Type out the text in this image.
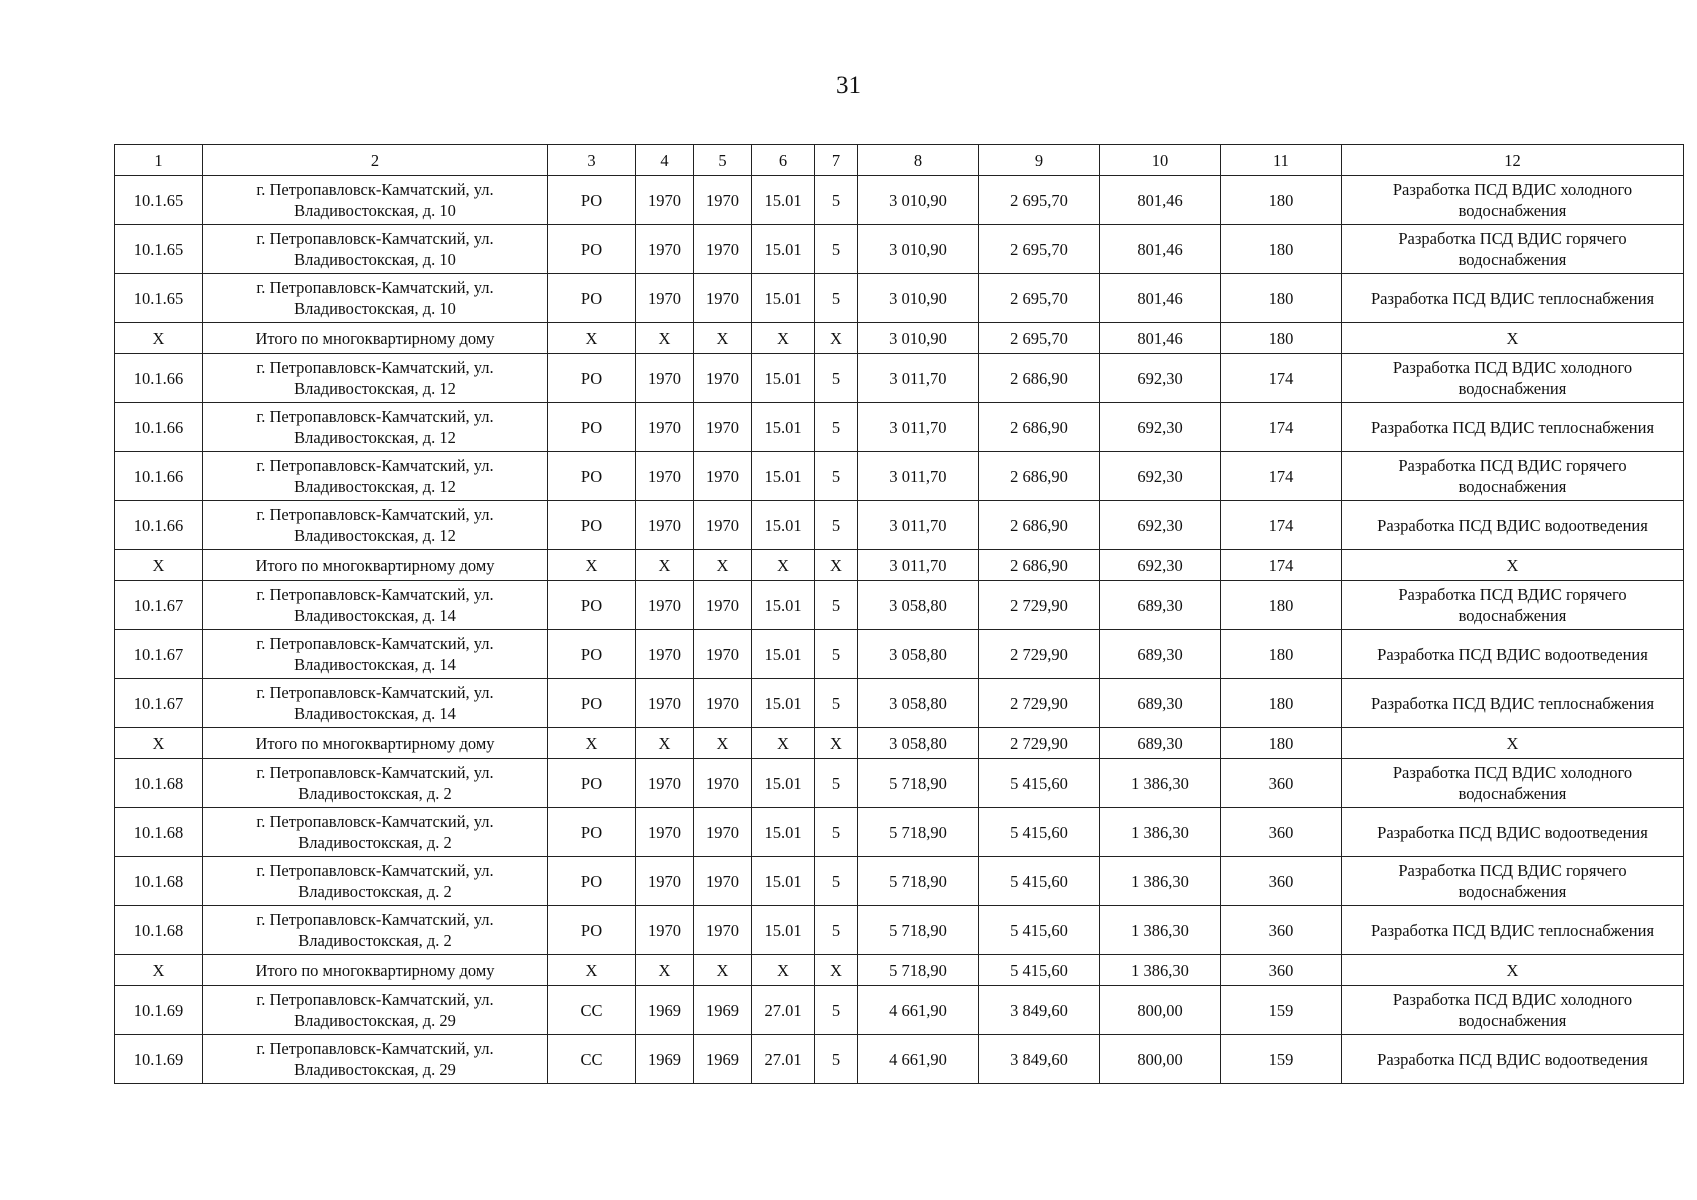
31
1	2	3	4	5	6	7	8	9	10	11	12
10.1.65	г. Петропавловск-Камчатский, ул. Владивостокская, д. 10	РО	1970	1970	15.01	5	3 010,90	2 695,70	801,46	180	Разработка ПСД ВДИС холодного водоснабжения
10.1.65	г. Петропавловск-Камчатский, ул. Владивостокская, д. 10	РО	1970	1970	15.01	5	3 010,90	2 695,70	801,46	180	Разработка ПСД ВДИС горячего водоснабжения
10.1.65	г. Петропавловск-Камчатский, ул. Владивостокская, д. 10	РО	1970	1970	15.01	5	3 010,90	2 695,70	801,46	180	Разработка ПСД ВДИС теплоснабжения
Х	Итого по многоквартирному дому	Х	Х	Х	Х	Х	3 010,90	2 695,70	801,46	180	Х
10.1.66	г. Петропавловск-Камчатский, ул. Владивостокская, д. 12	РО	1970	1970	15.01	5	3 011,70	2 686,90	692,30	174	Разработка ПСД ВДИС холодного водоснабжения
10.1.66	г. Петропавловск-Камчатский, ул. Владивостокская, д. 12	РО	1970	1970	15.01	5	3 011,70	2 686,90	692,30	174	Разработка ПСД ВДИС теплоснабжения
10.1.66	г. Петропавловск-Камчатский, ул. Владивостокская, д. 12	РО	1970	1970	15.01	5	3 011,70	2 686,90	692,30	174	Разработка ПСД ВДИС горячего водоснабжения
10.1.66	г. Петропавловск-Камчатский, ул. Владивостокская, д. 12	РО	1970	1970	15.01	5	3 011,70	2 686,90	692,30	174	Разработка ПСД ВДИС водоотведения
Х	Итого по многоквартирному дому	Х	Х	Х	Х	Х	3 011,70	2 686,90	692,30	174	Х
10.1.67	г. Петропавловск-Камчатский, ул. Владивостокская, д. 14	РО	1970	1970	15.01	5	3 058,80	2 729,90	689,30	180	Разработка ПСД ВДИС горячего водоснабжения
10.1.67	г. Петропавловск-Камчатский, ул. Владивостокская, д. 14	РО	1970	1970	15.01	5	3 058,80	2 729,90	689,30	180	Разработка ПСД ВДИС водоотведения
10.1.67	г. Петропавловск-Камчатский, ул. Владивостокская, д. 14	РО	1970	1970	15.01	5	3 058,80	2 729,90	689,30	180	Разработка ПСД ВДИС теплоснабжения
Х	Итого по многоквартирному дому	Х	Х	Х	Х	Х	3 058,80	2 729,90	689,30	180	Х
10.1.68	г. Петропавловск-Камчатский, ул. Владивостокская, д. 2	РО	1970	1970	15.01	5	5 718,90	5 415,60	1 386,30	360	Разработка ПСД ВДИС холодного водоснабжения
10.1.68	г. Петропавловск-Камчатский, ул. Владивостокская, д. 2	РО	1970	1970	15.01	5	5 718,90	5 415,60	1 386,30	360	Разработка ПСД ВДИС водоотведения
10.1.68	г. Петропавловск-Камчатский, ул. Владивостокская, д. 2	РО	1970	1970	15.01	5	5 718,90	5 415,60	1 386,30	360	Разработка ПСД ВДИС горячего водоснабжения
10.1.68	г. Петропавловск-Камчатский, ул. Владивостокская, д. 2	РО	1970	1970	15.01	5	5 718,90	5 415,60	1 386,30	360	Разработка ПСД ВДИС теплоснабжения
Х	Итого по многоквартирному дому	Х	Х	Х	Х	Х	5 718,90	5 415,60	1 386,30	360	Х
10.1.69	г. Петропавловск-Камчатский, ул. Владивостокская, д. 29	СС	1969	1969	27.01	5	4 661,90	3 849,60	800,00	159	Разработка ПСД ВДИС холодного водоснабжения
10.1.69	г. Петропавловск-Камчатский, ул. Владивостокская, д. 29	СС	1969	1969	27.01	5	4 661,90	3 849,60	800,00	159	Разработка ПСД ВДИС водоотведения
